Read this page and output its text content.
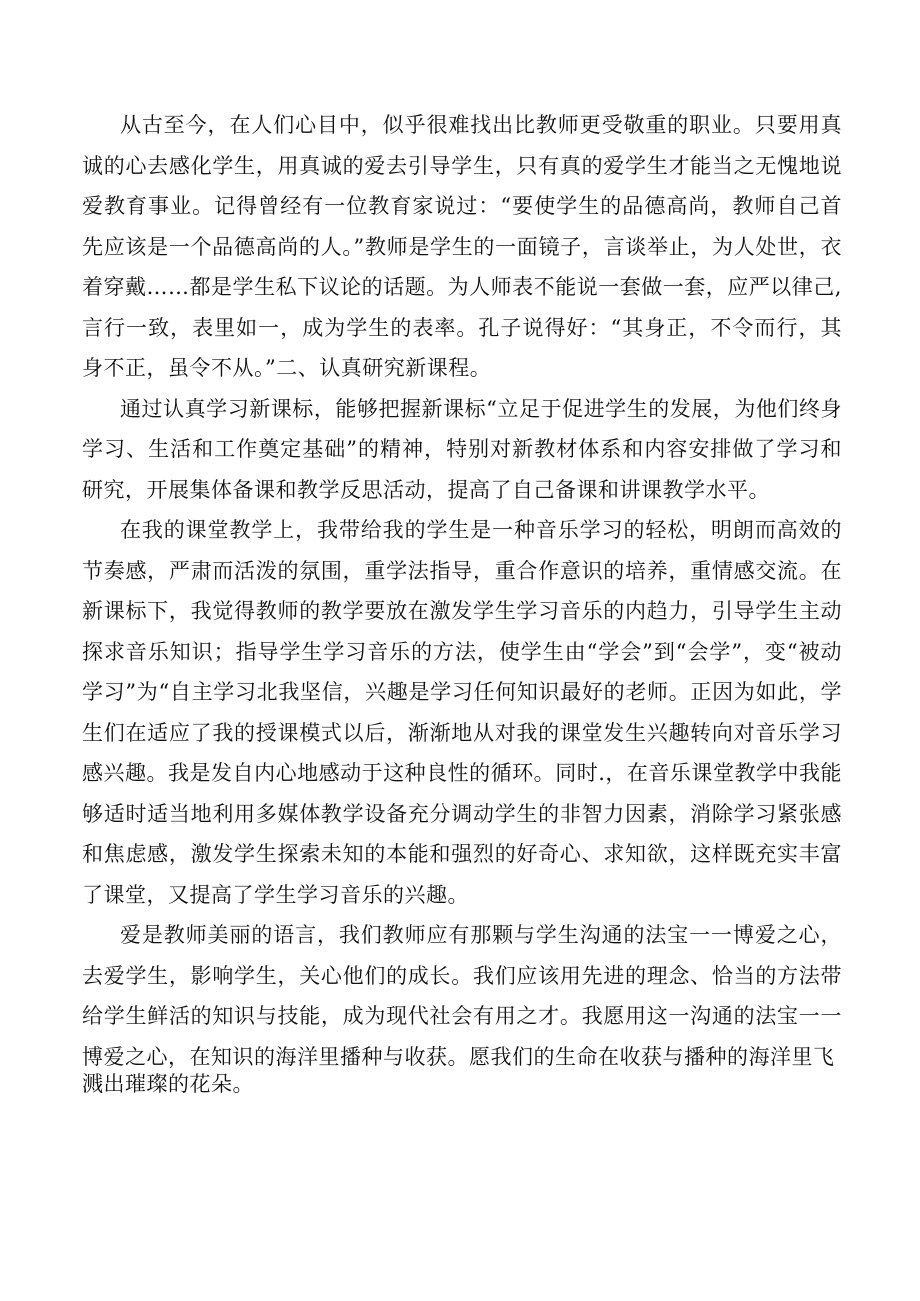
从古至今，在人们心目中，似乎很难找出比教师更受敬重的职业。只要用真诚的心去感化学生，用真诚的爱去引导学生，只有真的爱学生才能当之无愧地说爱教育事业。记得曾经有一位教育家说过：“要使学生的品德高尚，教师自己首先应该是一个品德高尚的人。”教师是学生的一面镜子，言谈举止，为人处世，衣着穿戴……都是学生私下议论的话题。为人师表不能说一套做一套，应严以律己,言行一致，表里如一，成为学生的表率。孔子说得好：“其身正，不令而行，其身不正，虽令不从。”二、认真研究新课程。

通过认真学习新课标，能够把握新课标“立足于促进学生的发展，为他们终身学习、生活和工作奠定基础”的精神，特别对新教材体系和内容安排做了学习和研究，开展集体备课和教学反思活动，提高了自己备课和讲课教学水平。

在我的课堂教学上，我带给我的学生是一种音乐学习的轻松，明朗而高效的节奏感，严肃而活泼的氛围，重学法指导，重合作意识的培养，重情感交流。在新课标下，我觉得教师的教学要放在激发学生学习音乐的内趋力，引导学生主动探求音乐知识；指导学生学习音乐的方法，使学生由“学会”到“会学”，变“被动学习”为“自主学习北我坚信，兴趣是学习任何知识最好的老师。正因为如此，学生们在适应了我的授课模式以后，渐渐地从对我的课堂发生兴趣转向对音乐学习感兴趣。我是发自内心地感动于这种良性的循环。同时.，在音乐课堂教学中我能够适时适当地利用多媒体教学设备充分调动学生的非智力因素，消除学习紧张感和焦虑感，激发学生探索未知的本能和强烈的好奇心、求知欲，这样既充实丰富了课堂，又提高了学生学习音乐的兴趣。

爱是教师美丽的语言，我们教师应有那颗与学生沟通的法宝一一博爱之心，去爱学生，影响学生，关心他们的成长。我们应该用先进的理念、恰当的方法带给学生鲜活的知识与技能，成为现代社会有用之才。我愿用这一沟通的法宝一一博爱之心，在知识的海洋里播种与收获。愿我们的生命在收获与播种的海洋里飞

溅出璀璨的花朵。
